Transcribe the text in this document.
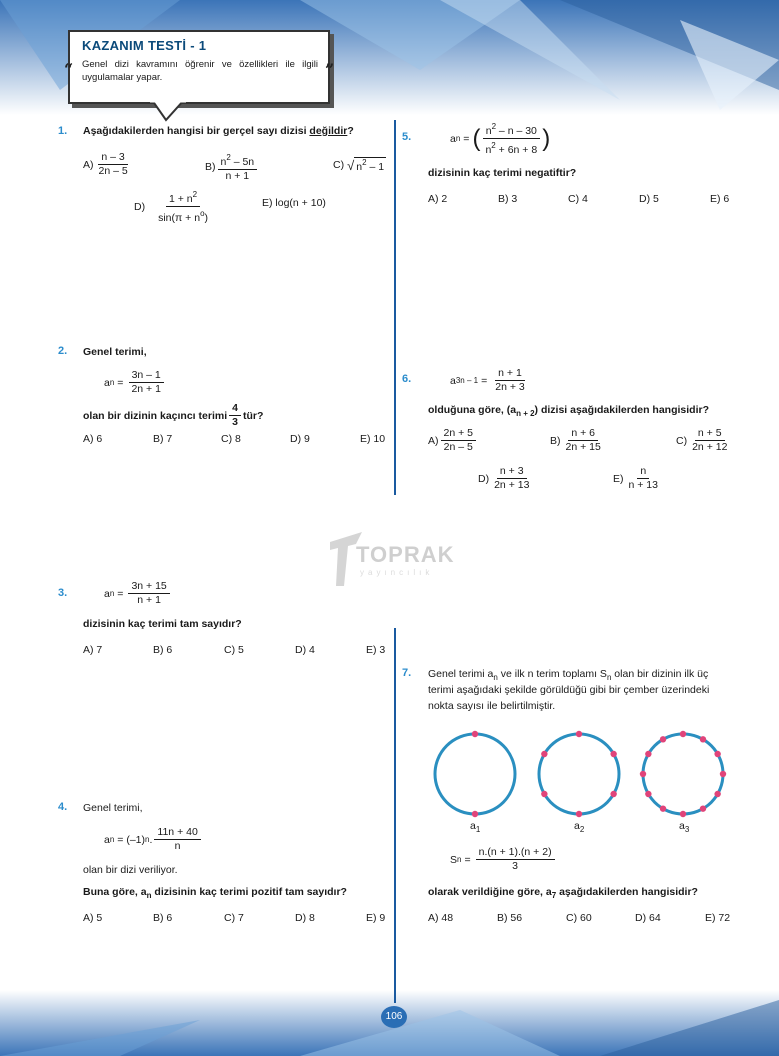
KAZANIM TESTİ - 1
Genel dizi kavramını öğrenir ve özellikleri ile ilgili uygulamalar yapar.
“	”
TOPRAK
yayıncılık
1. Aşağıdakilerden hangisi bir gerçel sayı dizisi değildir?
$A) \frac{n - 3}{2n - 5}$	$B) \frac{n^2 - 5n}{n + 1}$	C) √ $n^2 - 1$
$D) \frac{1 + n^2}{\sin(\pi + n^o)}$	E) log(n + 10)
2. Genel terimi,
a $n = \frac{3n - 1}{2n + 1}$
olan bir dizinin kaçıncı terimi $\frac{4}{3}$ tür?
A) 6	B) 7	C) 8	D) 9	E) 10
3.	a $n = \frac{3n + 15}{n + 1}$
dizisinin kaç terimi tam sayıdır?
A) 7	B) 6	C) 5	D) 4	E) 3
4. Genel terimi,
a n = (–1) n . $\frac{11n + 40}{n}$
olan bir dizi veriliyor.
Buna göre, $a_n$ dizisinin kaç terimi pozitif tam sayıdır?
A) 5	B) 6	C) 7	D) 8	E) 9
5.	a n = ( $\frac{n^2 - n - 30}{n^2 + 6n + 8}$ )
dizisinin kaç terimi negatiftir?
A) 2	B) 3	C) 4	D) 5	E) 6
6.	a $3n - 1 = \frac{n + 1}{2n + 3}$
olduğuna göre, $(a_{n + 2})$ dizisi aşağıdakilerden hangisidir?
$A) \frac{2n + 5}{2n - 5}$	$B) \frac{n + 6}{2n + 15}$	$C) \frac{n + 5}{2n + 12}$
$D) \frac{n + 3}{2n + 13}$	$E) \frac{n}{n + 13}$
7. Genel terimi $a_n$ ve ilk n terim toplamı $S_n$ olan bir dizinin ilk üç
terimi aşağıdaki şekilde görüldüğü gibi bir çember üzerindeki
nokta sayısı ile belirtilmiştir.
$a_1$	$a_2$	$a_3$
S $n = \frac{n.(n + 1).(n + 2)}{3}$
olarak verildiğine göre, $a_7$ aşağıdakilerden hangisidir?
A) 48	B) 56	C) 60	D) 64	E) 72
106
